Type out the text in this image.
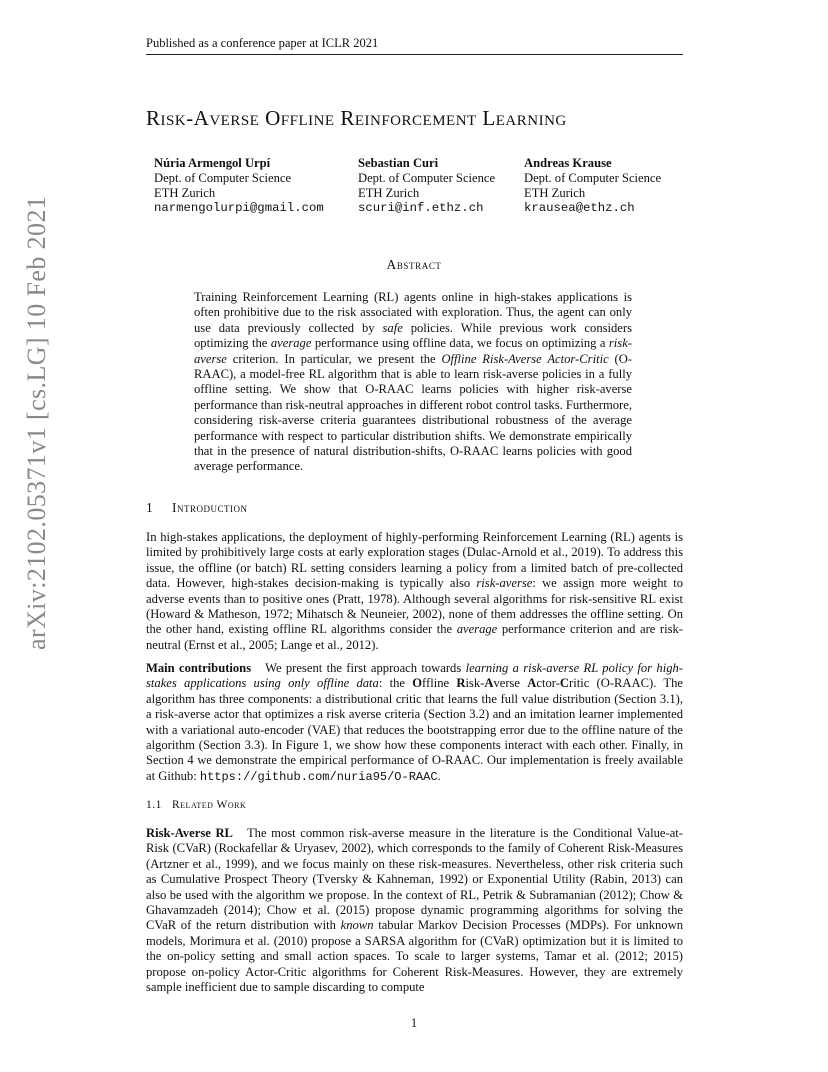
Published as a conference paper at ICLR 2021
arXiv:2102.05371v1 [cs.LG] 10 Feb 2021
Risk-Averse Offline Reinforcement Learning
Núria Armengol Urpí
Dept. of Computer Science
ETH Zurich
narmengolurpi@gmail.com
Sebastian Curi
Dept. of Computer Science
ETH Zurich
scuri@inf.ethz.ch
Andreas Krause
Dept. of Computer Science
ETH Zurich
krausea@ethz.ch
Abstract
Training Reinforcement Learning (RL) agents online in high-stakes applications is often prohibitive due to the risk associated with exploration. Thus, the agent can only use data previously collected by safe policies. While previous work considers optimizing the average performance using offline data, we focus on optimizing a risk-averse criterion. In particular, we present the Offline Risk-Averse Actor-Critic (O-RAAC), a model-free RL algorithm that is able to learn risk-averse policies in a fully offline setting. We show that O-RAAC learns policies with higher risk-averse performance than risk-neutral approaches in different robot control tasks. Furthermore, considering risk-averse criteria guarantees distributional robustness of the average performance with respect to particular distribution shifts. We demonstrate empirically that in the presence of natural distribution-shifts, O-RAAC learns policies with good average performance.
1 Introduction
In high-stakes applications, the deployment of highly-performing Reinforcement Learning (RL) agents is limited by prohibitively large costs at early exploration stages (Dulac-Arnold et al., 2019). To address this issue, the offline (or batch) RL setting considers learning a policy from a limited batch of pre-collected data. However, high-stakes decision-making is typically also risk-averse: we assign more weight to adverse events than to positive ones (Pratt, 1978). Although several algorithms for risk-sensitive RL exist (Howard & Matheson, 1972; Mihatsch & Neuneier, 2002), none of them addresses the offline setting. On the other hand, existing offline RL algorithms consider the average performance criterion and are risk-neutral (Ernst et al., 2005; Lange et al., 2012).
Main contributions We present the first approach towards learning a risk-averse RL policy for high-stakes applications using only offline data: the Offline Risk-Averse Actor-Critic (O-RAAC). The algorithm has three components: a distributional critic that learns the full value distribution (Section 3.1), a risk-averse actor that optimizes a risk averse criteria (Section 3.2) and an imitation learner implemented with a variational auto-encoder (VAE) that reduces the bootstrapping error due to the offline nature of the algorithm (Section 3.3). In Figure 1, we show how these components interact with each other. Finally, in Section 4 we demonstrate the empirical performance of O-RAAC. Our implementation is freely available at Github: https://github.com/nuria95/O-RAAC.
1.1 Related Work
Risk-Averse RL The most common risk-averse measure in the literature is the Conditional Value-at-Risk (CVaR) (Rockafellar & Uryasev, 2002), which corresponds to the family of Coherent Risk-Measures (Artzner et al., 1999), and we focus mainly on these risk-measures. Nevertheless, other risk criteria such as Cumulative Prospect Theory (Tversky & Kahneman, 1992) or Exponential Utility (Rabin, 2013) can also be used with the algorithm we propose. In the context of RL, Petrik & Subramanian (2012); Chow & Ghavamzadeh (2014); Chow et al. (2015) propose dynamic programming algorithms for solving the CVaR of the return distribution with known tabular Markov Decision Processes (MDPs). For unknown models, Morimura et al. (2010) propose a SARSA algorithm for (CVaR) optimization but it is limited to the on-policy setting and small action spaces. To scale to larger systems, Tamar et al. (2012; 2015) propose on-policy Actor-Critic algorithms for Coherent Risk-Measures. However, they are extremely sample inefficient due to sample discarding to compute
1
